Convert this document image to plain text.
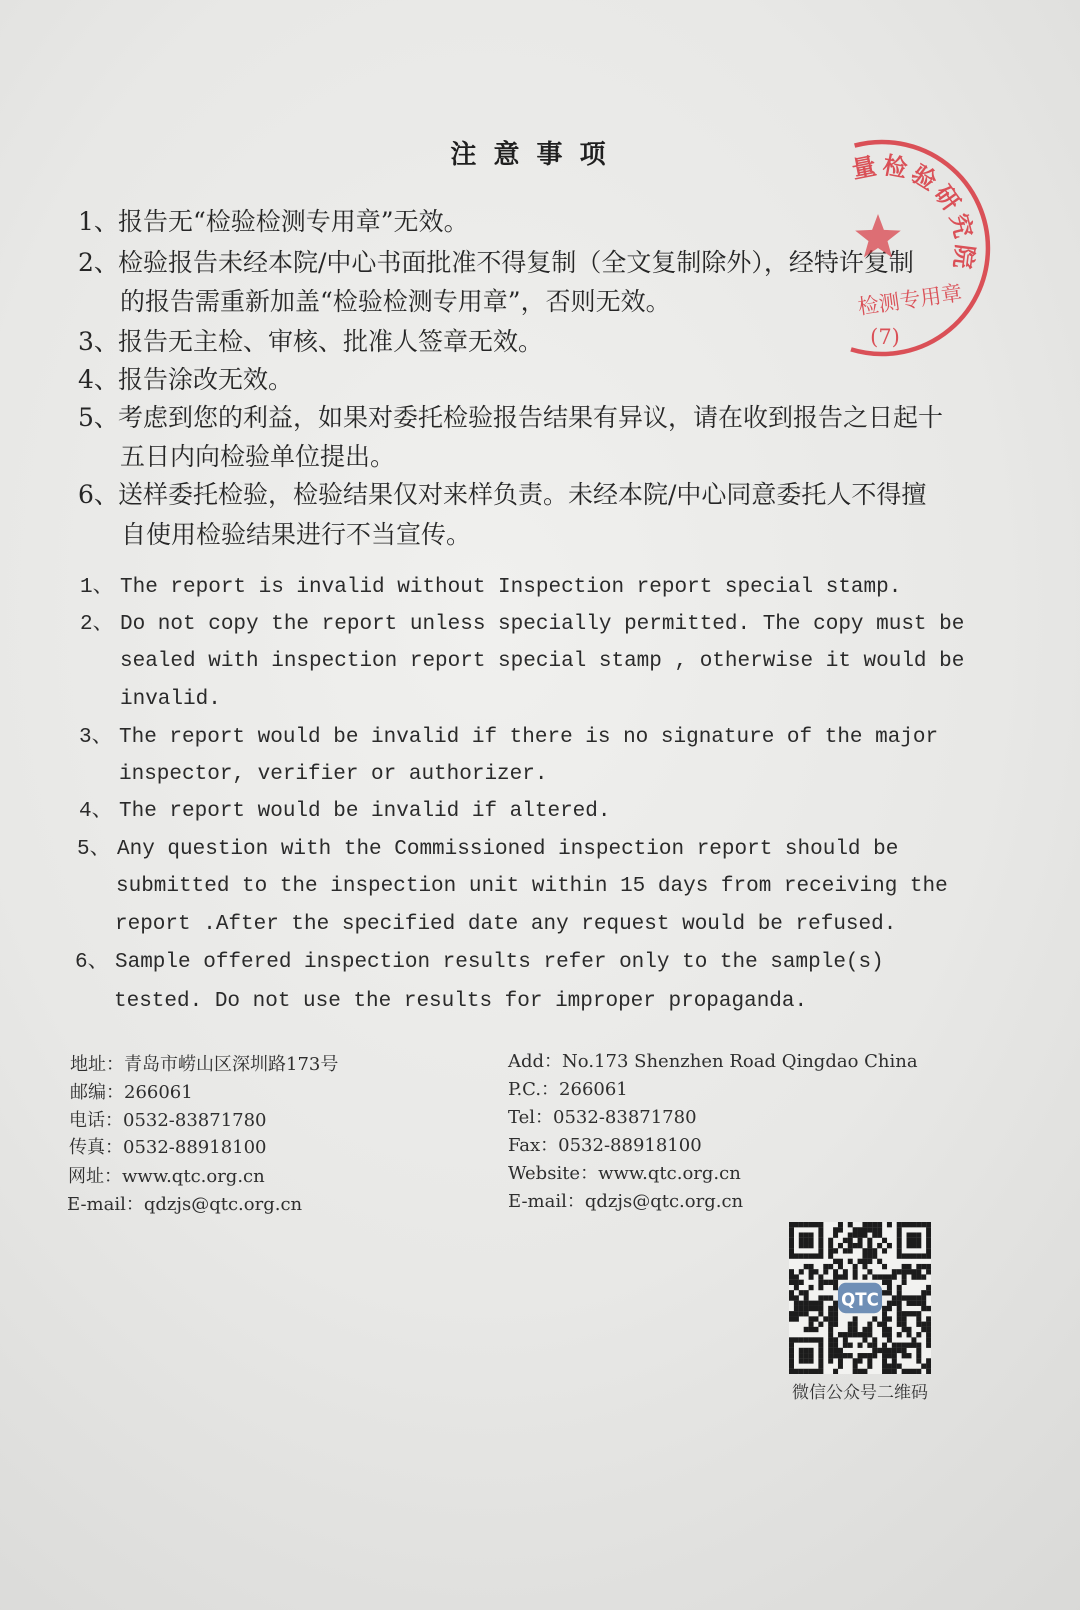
注 意 事 项
1、报告无“检验检测专用章”无效。
2、检验报告未经本院/中心书面批准不得复制（全文复制除外），经特许复制
的报告需重新加盖“检验检测专用章”，否则无效。
3、报告无主检、审核、批准人签章无效。
4、报告涂改无效。
5、考虑到您的利益，如果对委托检验报告结果有异议，请在收到报告之日起十
五日内向检验单位提出。
6、送样委托检验，检验结果仅对来样负责。未经本院/中心同意委托人不得擅
自使用检验结果进行不当宣传。
1、 The report is invalid without Inspection report special stamp.
2、 Do not copy the report unless specially permitted. The copy must be
sealed with inspection report special stamp , otherwise it would be
invalid.
3、 The report would be invalid if there is no signature of the major
inspector, verifier or authorizer.
4、 The report would be invalid if altered.
5、 Any question with the Commissioned inspection report should be
submitted to the inspection unit within 15 days from receiving the
report .After the specified date any request would be refused.
6、 Sample offered inspection results refer only to the sample(s)
tested. Do not use the results for improper propaganda.
地址：青岛市崂山区深圳路173号
邮编：266061
电话：0532-83871780
传真：0532-88918100
网址：www.qtc.org.cn
E-mail：qdzjs@qtc.org.cn
Add：No.173 Shenzhen Road Qingdao China
P.C.：266061
Tel：0532-83871780
Fax：0532-88918100
Website：www.qtc.org.cn
E-mail：qdzjs@qtc.org.cn
QTC
微信公众号二维码
量检验研究院
检测专用章
(7)
